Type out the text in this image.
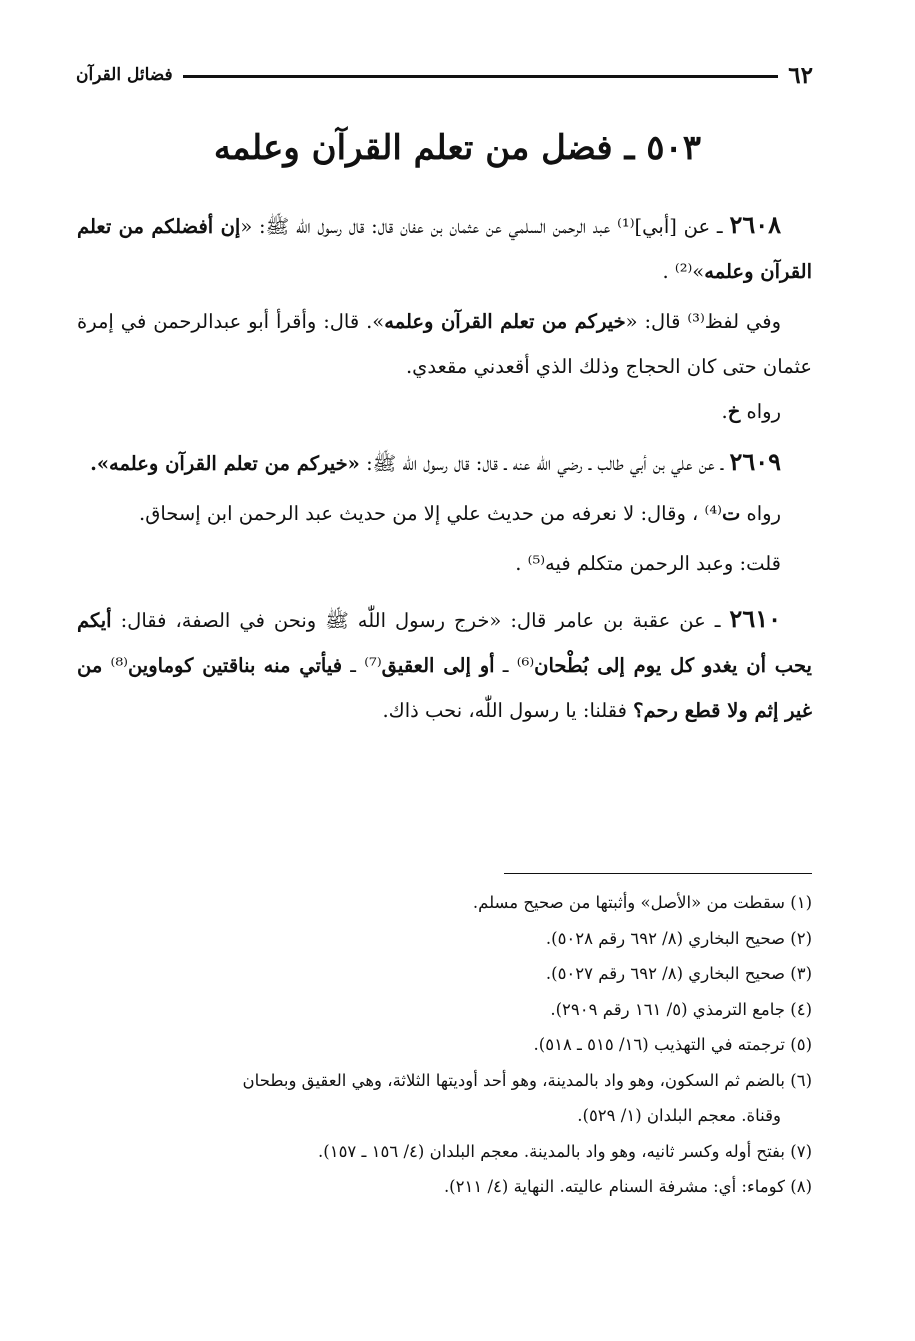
٦٢
فضائل القرآن
٥٠٣ ـ فضل من تعلم القرآن وعلمه

٢٦٠٨ ـ عن [أبي]⁽¹⁾ عبد الرحمن السلمي عن عثمان بن عفان قال: قال رسول اللّٰه ﷺ: «إن أفضلكم من تعلم القرآن وعلمه»⁽²⁾ .

وفي لفظ⁽³⁾ قال: «خيركم من تعلم القرآن وعلمه». قال: وأقرأ أبو عبدالرحمن في إمرة عثمان حتى كان الحجاج وذلك الذي أقعدني مقعدي.

رواه خ.

٢٦٠٩ ـ عن علي بن أبي طالب ـ رضي اللّٰه عنه ـ قال: قال رسول اللّٰه ﷺ: «خيركم من تعلم القرآن وعلمه».

رواه ت⁽⁴⁾ ، وقال: لا نعرفه من حديث علي إلا من حديث عبد الرحمن ابن إسحاق.

قلت: وعبد الرحمن متكلم فيه⁽⁵⁾ .

٢٦١٠ ـ عن عقبة بن عامر قال: «خرج رسول اللّٰه ﷺ ونحن في الصفة، فقال: أيكم يحب أن يغدو كل يوم إلى بُطْحان⁽⁶⁾ ـ أو إلى العقيق⁽⁷⁾ ـ فيأتي منه بناقتين كوماوين⁽⁸⁾ من غير إثم ولا قطع رحم؟ فقلنا: يا رسول اللّٰه، نحب ذاك.

(١) سقطت من «الأصل» وأثبتها من صحيح مسلم.

(٢) صحيح البخاري (٨/ ٦٩٢ رقم ٥٠٢٨).

(٣) صحيح البخاري (٨/ ٦٩٢ رقم ٥٠٢٧).

(٤) جامع الترمذي (٥/ ١٦١ رقم ٢٩٠٩).

(٥) ترجمته في التهذيب (١٦/ ٥١٥ ـ ٥١٨).

(٦) بالضم ثم السكون، وهو واد بالمدينة، وهو أحد أوديتها الثلاثة، وهي العقيق وبطحان

وقناة. معجم البلدان (١/ ٥٢٩).

(٧) بفتح أوله وكسر ثانيه، وهو واد بالمدينة. معجم البلدان (٤/ ١٥٦ ـ ١٥٧).

(٨) كوماء: أي: مشرفة السنام عاليته. النهاية (٤/ ٢١١).
